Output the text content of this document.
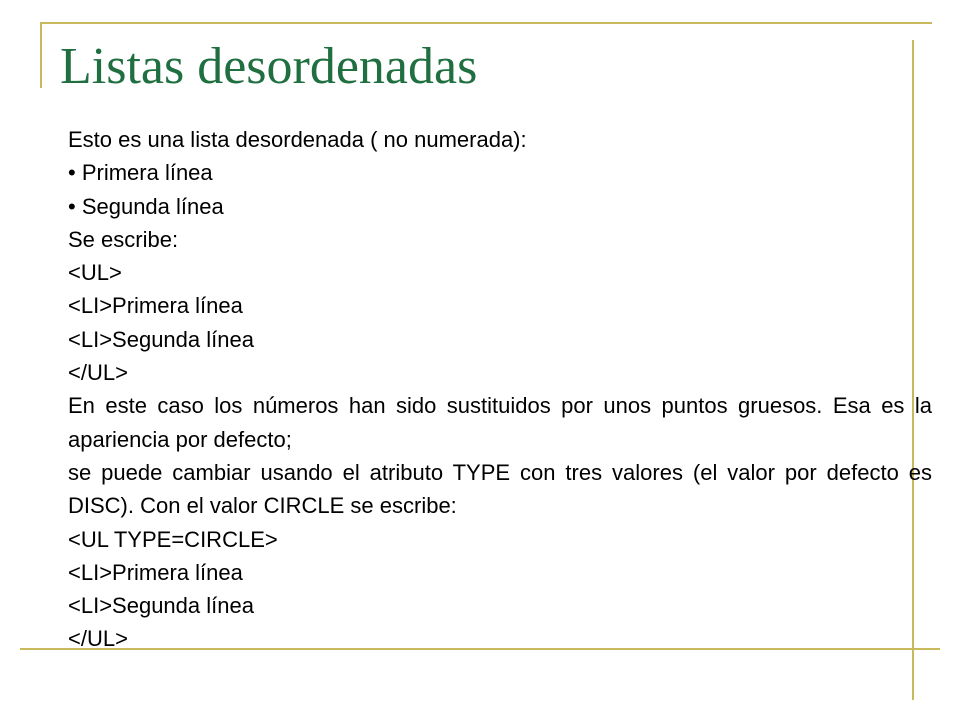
Listas desordenadas
Esto es una lista desordenada ( no numerada):
• Primera línea
• Segunda línea
Se escribe:
<UL>
<LI>Primera línea
<LI>Segunda línea
</UL>
En este caso los números han sido sustituidos por unos puntos gruesos. Esa es la apariencia por defecto;
se puede cambiar usando el atributo TYPE con tres valores (el valor por defecto es DISC). Con el valor CIRCLE se escribe:
<UL TYPE=CIRCLE>
<LI>Primera línea
<LI>Segunda línea
</UL>
